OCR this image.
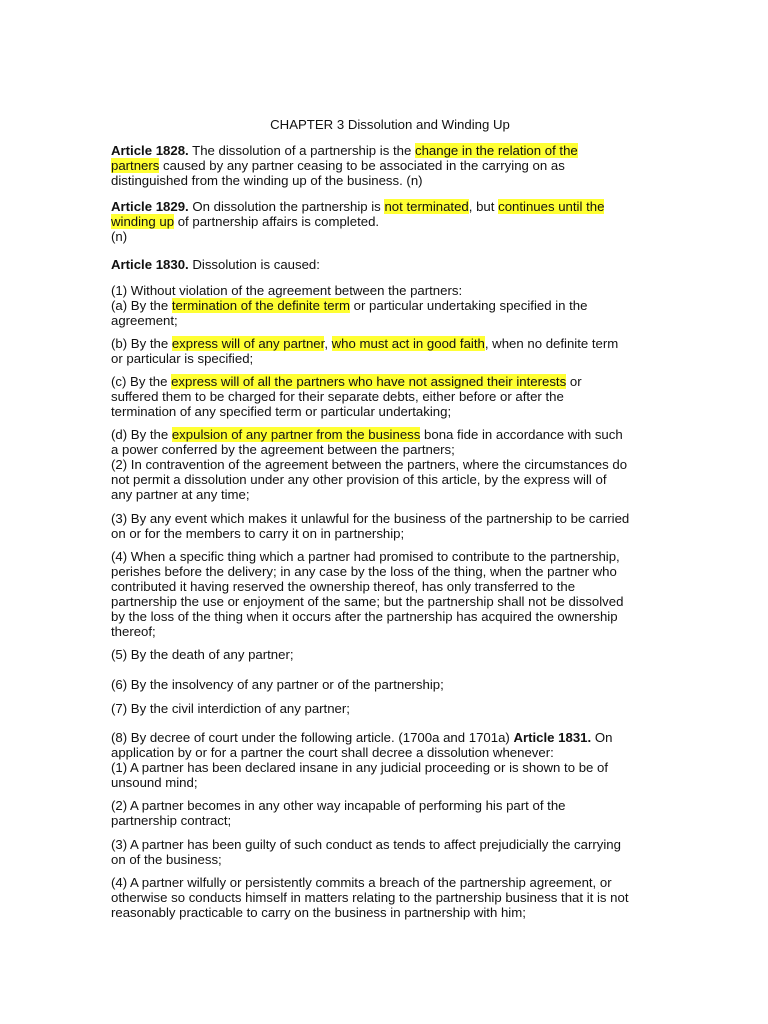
CHAPTER 3 Dissolution and Winding Up

Article 1828. The dissolution of a partnership is the change in the relation of the
partners caused by any partner ceasing to be associated in the carrying on as
distinguished from the winding up of the business. (n)

Article 1829. On dissolution the partnership is not terminated, but continues until the
winding up of partnership affairs is completed.
(n)

Article 1830. Dissolution is caused:

(1) Without violation of the agreement between the partners:
(a) By the termination of the definite term or particular undertaking specified in the
agreement;

(b) By the express will of any partner, who must act in good faith, when no definite term
or particular is specified;

(c) By the express will of all the partners who have not assigned their interests or
suffered them to be charged for their separate debts, either before or after the
termination of any specified term or particular undertaking;

(d) By the expulsion of any partner from the business bona fide in accordance with such
a power conferred by the agreement between the partners;
(2) In contravention of the agreement between the partners, where the circumstances do
not permit a dissolution under any other provision of this article, by the express will of
any partner at any time;

(3) By any event which makes it unlawful for the business of the partnership to be carried
on or for the members to carry it on in partnership;

(4) When a specific thing which a partner had promised to contribute to the partnership,
perishes before the delivery; in any case by the loss of the thing, when the partner who
contributed it having reserved the ownership thereof, has only transferred to the
partnership the use or enjoyment of the same; but the partnership shall not be dissolved
by the loss of the thing when it occurs after the partnership has acquired the ownership
thereof;

(5) By the death of any partner;

(6) By the insolvency of any partner or of the partnership;

(7) By the civil interdiction of any partner;

(8) By decree of court under the following article. (1700a and 1701a) Article 1831. On
application by or for a partner the court shall decree a dissolution whenever:
(1) A partner has been declared insane in any judicial proceeding or is shown to be of
unsound mind;

(2) A partner becomes in any other way incapable of performing his part of the
partnership contract;

(3) A partner has been guilty of such conduct as tends to affect prejudicially the carrying
on of the business;

(4) A partner wilfully or persistently commits a breach of the partnership agreement, or
otherwise so conducts himself in matters relating to the partnership business that it is not
reasonably practicable to carry on the business in partnership with him;
